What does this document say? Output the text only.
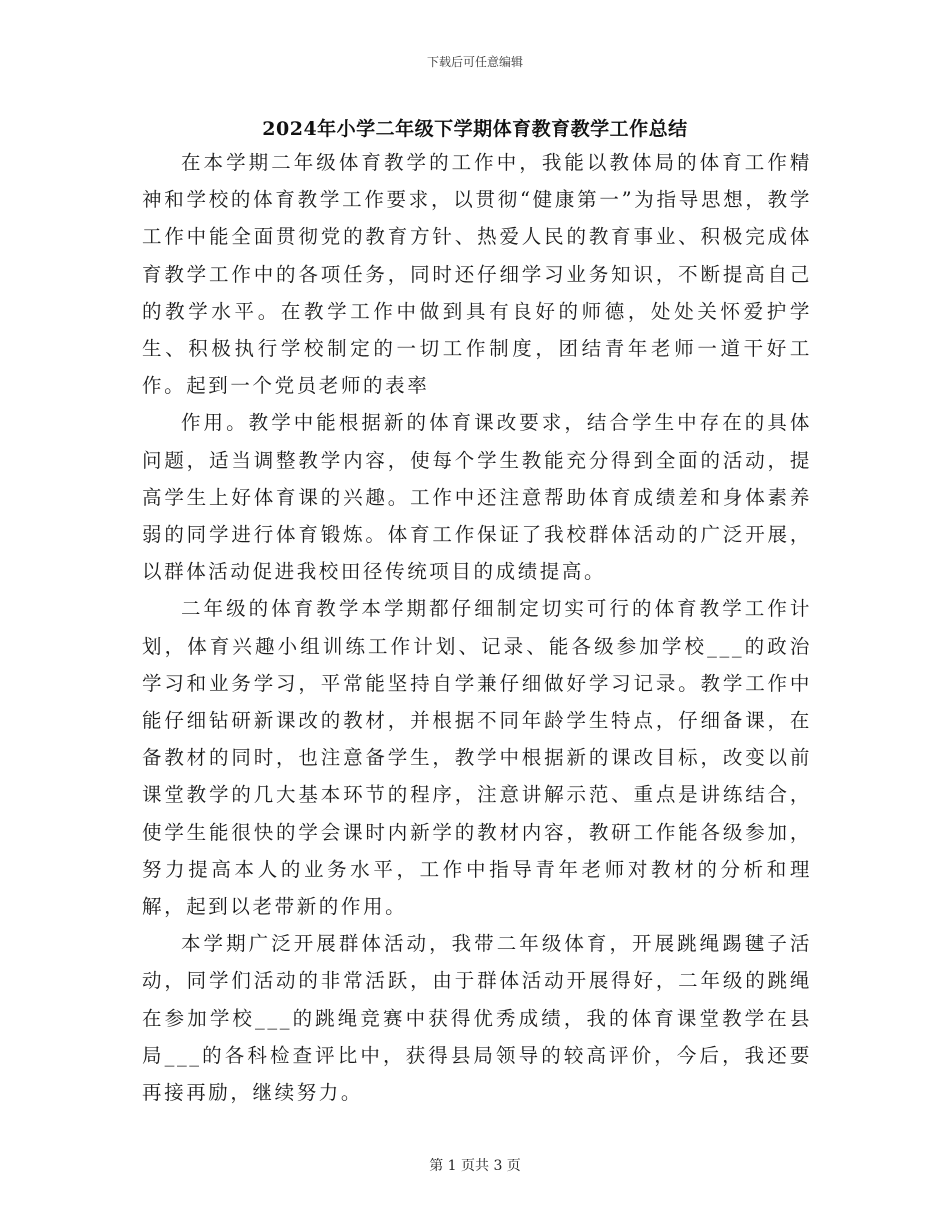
下载后可任意编辑
2024年小学二年级下学期体育教育教学工作总结

在本学期二年级体育教学的工作中，我能以教体局的体育工作精神和学校的体育教学工作要求，以贯彻“健康第一”为指导思想，教学工作中能全面贯彻党的教育方针、热爱人民的教育事业、积极完成体育教学工作中的各项任务，同时还仔细学习业务知识，不断提高自己的教学水平。在教学工作中做到具有良好的师德，处处关怀爱护学生、积极执行学校制定的一切工作制度，团结青年老师一道干好工作。起到一个党员老师的表率

作用。教学中能根据新的体育课改要求，结合学生中存在的具体问题，适当调整教学内容，使每个学生教能充分得到全面的活动，提高学生上好体育课的兴趣。工作中还注意帮助体育成绩差和身体素养弱的同学进行体育锻炼。体育工作保证了我校群体活动的广泛开展，以群体活动促进我校田径传统项目的成绩提高。

二年级的体育教学本学期都仔细制定切实可行的体育教学工作计划，体育兴趣小组训练工作计划、记录、能各级参加学校___的政治学习和业务学习，平常能坚持自学兼仔细做好学习记录。教学工作中能仔细钻研新课改的教材，并根据不同年龄学生特点，仔细备课，在备教材的同时，也注意备学生，教学中根据新的课改目标，改变以前课堂教学的几大基本环节的程序，注意讲解示范、重点是讲练结合，使学生能很快的学会课时内新学的教材内容，教研工作能各级参加，努力提高本人的业务水平，工作中指导青年老师对教材的分析和理解，起到以老带新的作用。

本学期广泛开展群体活动，我带二年级体育，开展跳绳踢毽子活动，同学们活动的非常活跃，由于群体活动开展得好，二年级的跳绳在参加学校___的跳绳竞赛中获得优秀成绩，我的体育课堂教学在县局___的各科检查评比中，获得县局领导的较高评价，今后，我还要再接再励，继续努力。

第 1 页共 3 页
